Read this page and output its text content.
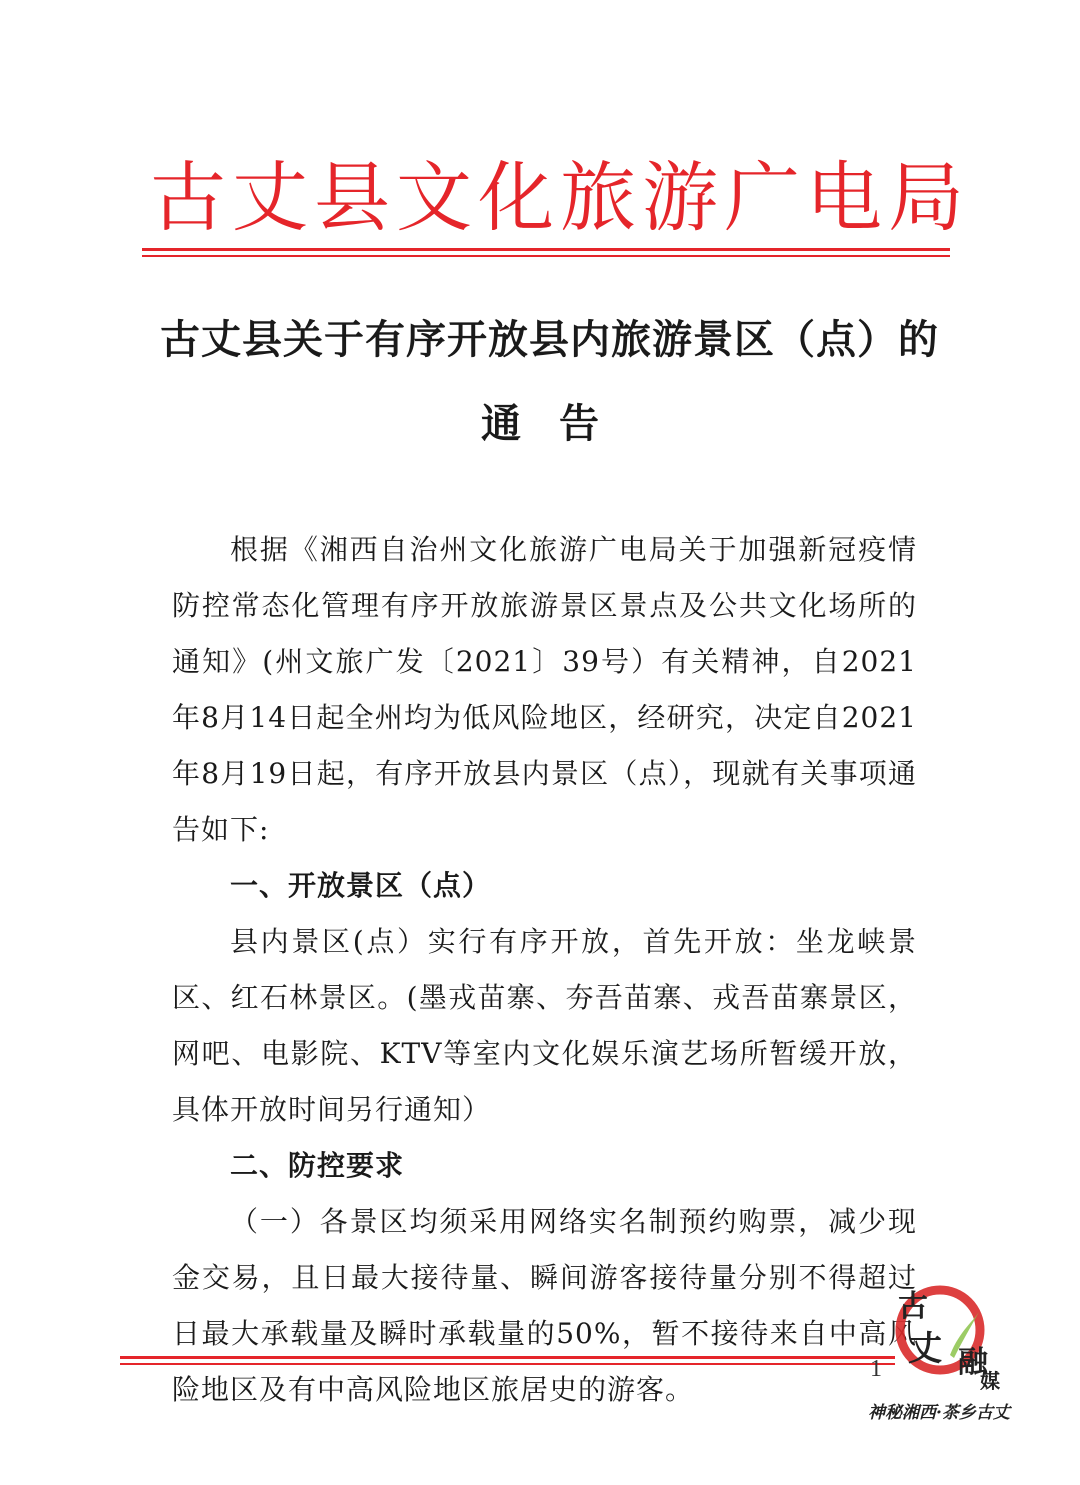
古丈县文化旅游广电局
古丈县关于有序开放县内旅游景区（点）的
通告

根据《湘西自治州文化旅游广电局关于加强新冠疫情防控常态化管理有序开放旅游景区景点及公共文化场所的通知》(州文旅广发〔2021〕39号）有关精神，自2021年8月14日起全州均为低风险地区，经研究，决定自2021年8月19日起，有序开放县内景区（点），现就有关事项通告如下:

一、开放景区（点）

县内景区(点）实行有序开放，首先开放：坐龙峡景区、红石林景区。(墨戎苗寨、夯吾苗寨、戎吾苗寨景区，网吧、电影院、KTV等室内文化娱乐演艺场所暂缓开放，具体开放时间另行通知）

二、防控要求

（一）各景区均须采用网络实名制预约购票，减少现金交易，且日最大接待量、瞬间游客接待量分别不得超过日最大承载量及瞬时承载量的50%，暂不接待来自中高风险地区及有中高风险地区旅居史的游客。

1
古
丈 融
媒
神秘湘西·茶乡古丈
